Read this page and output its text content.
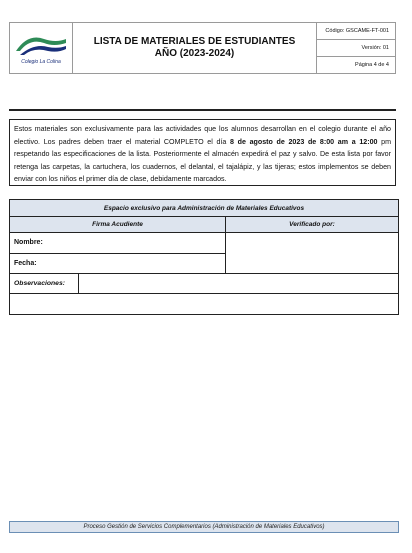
Colegio La Colina
LISTA DE MATERIALES DE ESTUDIANTES
AÑO (2023-2024)
Código: GSCAME-FT-001
Versión: 01
Página 4 de 4
Estos materiales son exclusivamente para las actividades que los alumnos desarrollan en el colegio durante el año electivo. Los padres deben traer el material COMPLETO el día 8 de agosto de 2023 de 8:00 am a 12:00 pm respetando las especificaciones de la lista. Posteriormente el almacén expedirá el paz y salvo. De esta lista por favor retenga las carpetas, la cartuchera, los cuadernos, el delantal, el tajalápiz, y las tijeras; estos implementos se deben enviar con los niños el primer día de clase, debidamente marcados.
Espacio exclusivo para Administración de Materiales Educativos
Firma Acudiente	Verificado por:
Nombre:
Fecha:
Observaciones:
Proceso Gestión de Servicios Complementarios (Administración de Materiales Educativos)
